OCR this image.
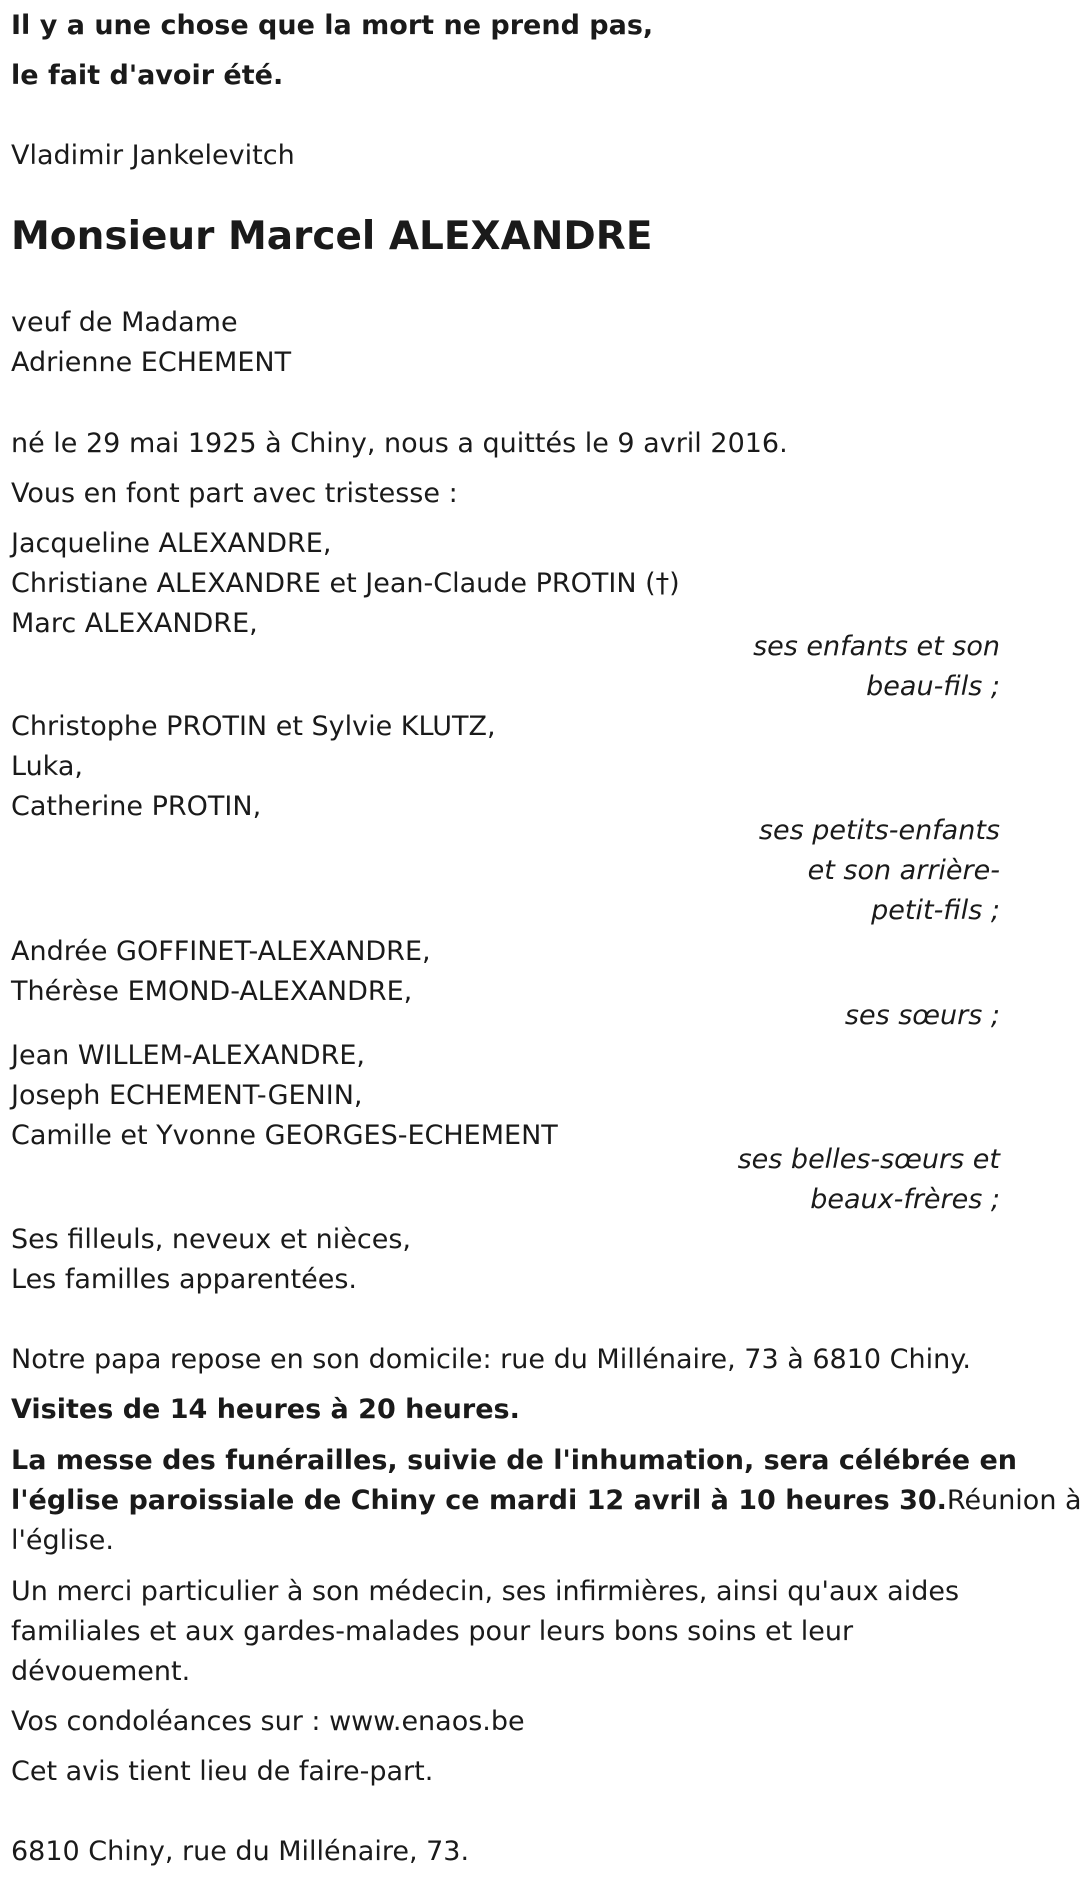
Il y a une chose que la mort ne prend pas,
le fait d'avoir été.
Vladimir Jankelevitch
Monsieur Marcel ALEXANDRE
veuf de Madame
Adrienne ECHEMENT
né le 29 mai 1925 à Chiny, nous a quittés le 9 avril 2016.
Vous en font part avec tristesse :
Jacqueline ALEXANDRE,
Christiane ALEXANDRE et Jean-Claude PROTIN (†)
Marc ALEXANDRE,
ses enfants et son
beau-fils ;
Christophe PROTIN et Sylvie KLUTZ,
Luka,
Catherine PROTIN,
ses petits-enfants
et son arrière-
petit-fils ;
Andrée GOFFINET-ALEXANDRE,
Thérèse EMOND-ALEXANDRE,
ses sœurs ;
Jean WILLEM-ALEXANDRE,
Joseph ECHEMENT-GENIN,
Camille et Yvonne GEORGES-ECHEMENT
ses belles-sœurs et
beaux-frères ;
Ses filleuls, neveux et nièces,
Les familles apparentées.
Notre papa repose en son domicile: rue du Millénaire, 73 à 6810 Chiny.
Visites de 14 heures à 20 heures.
La messe des funérailles, suivie de l'inhumation, sera célébrée en
l'église paroissiale de Chiny ce mardi 12 avril à 10 heures 30.Réunion à
l'église.
Un merci particulier à son médecin, ses infirmières, ainsi qu'aux aides
familiales et aux gardes-malades pour leurs bons soins et leur
dévouement.
Vos condoléances sur : www.enaos.be
Cet avis tient lieu de faire-part.
6810 Chiny, rue du Millénaire, 73.
